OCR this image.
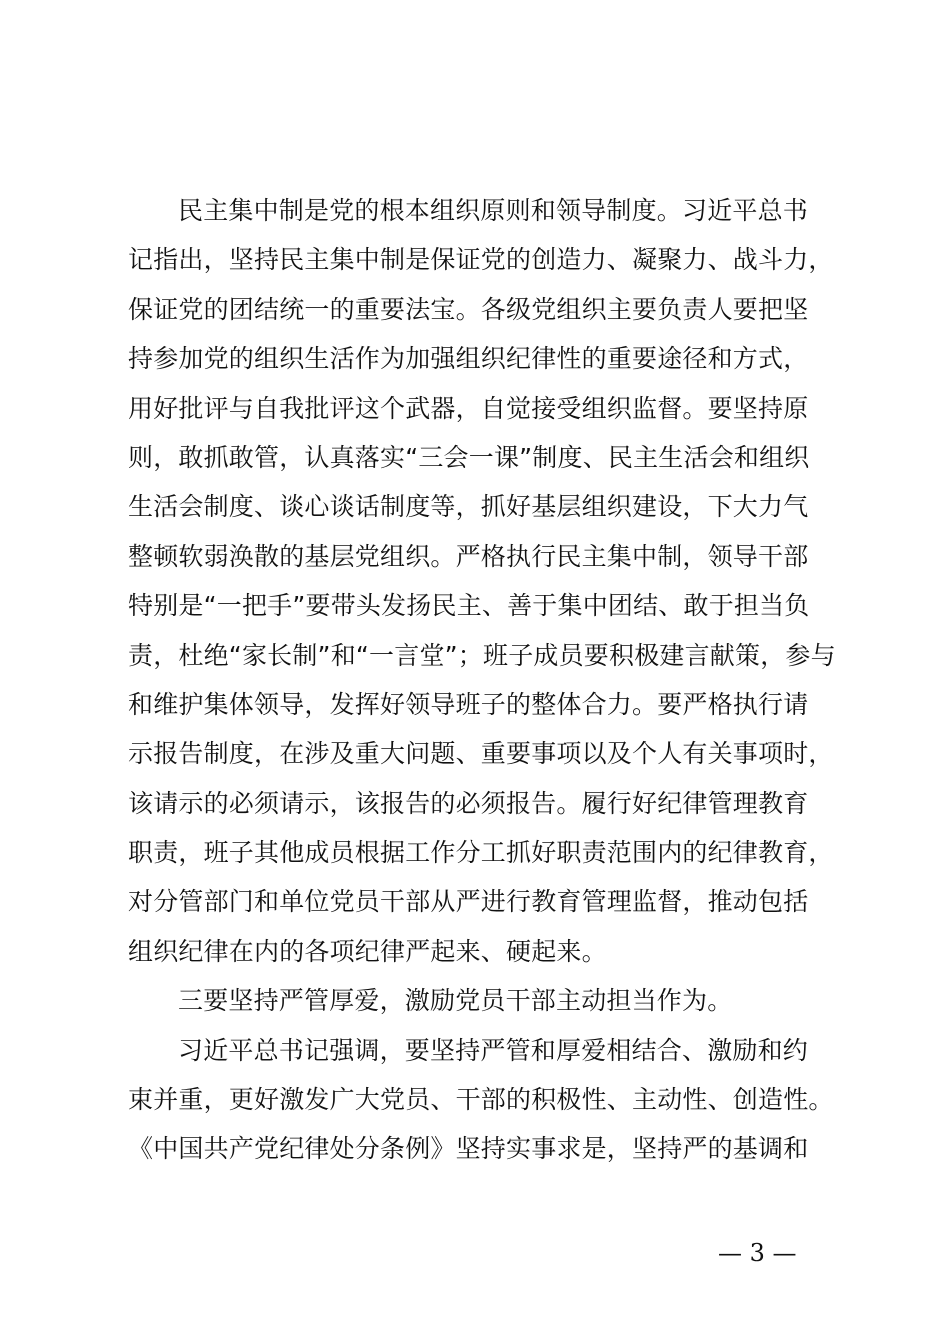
民主集中制是党的根本组织原则和领导制度。习近平总书
记指出，坚持民主集中制是保证党的创造力、凝聚力、战斗力，
保证党的团结统一的重要法宝。各级党组织主要负责人要把坚
持参加党的组织生活作为加强组织纪律性的重要途径和方式，
用好批评与自我批评这个武器，自觉接受组织监督。要坚持原
则，敢抓敢管，认真落实“三会一课”制度、民主生活会和组织
生活会制度、谈心谈话制度等，抓好基层组织建设，下大力气
整顿软弱涣散的基层党组织。严格执行民主集中制，领导干部
特别是“一把手”要带头发扬民主、善于集中团结、敢于担当负
责，杜绝“家长制”和“一言堂”；班子成员要积极建言献策，参与
和维护集体领导，发挥好领导班子的整体合力。要严格执行请
示报告制度，在涉及重大问题、重要事项以及个人有关事项时，
该请示的必须请示，该报告的必须报告。履行好纪律管理教育
职责，班子其他成员根据工作分工抓好职责范围内的纪律教育，
对分管部门和单位党员干部从严进行教育管理监督，推动包括
组织纪律在内的各项纪律严起来、硬起来。
三要坚持严管厚爱，激励党员干部主动担当作为。
习近平总书记强调，要坚持严管和厚爱相结合、激励和约
束并重，更好激发广大党员、干部的积极性、主动性、创造性。
《中国共产党纪律处分条例》坚持实事求是，坚持严的基调和
— 3 —
